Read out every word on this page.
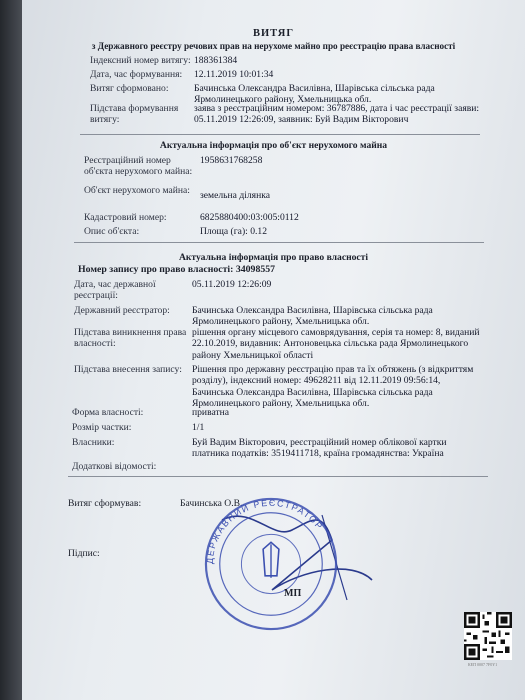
ВИТЯГ
з Державного реєстру речових прав на нерухоме майно про реєстрацію права власності
Індексний номер витягу: 188361384
Дата, час формування:	12.11.2019 10:01:34
Витяг сформовано:	Бачинська Олександра Василівна, Шарівська сільська рада Ярмолинецького району, Хмельницька обл.
Підстава формування витягу:
заява з реєстраційним номером: 36787886, дата і час реєстрації заяви: 05.11.2019 12:26:09, заявник: Буй Вадим Вікторович
Актуальна інформація про об'єкт нерухомого майна
Реєстраційний номер об'єкта нерухомого майна:
1958631768258
Об'єкт нерухомого майна:	земельна ділянка
Кадастровий номер:	6825880400:03:005:0112
Опис об'єкта:	Площа (га): 0.12
Актуальна інформація про право власності
Номер запису про право власності: 34098557
Дата, час державної реєстрації:
05.11.2019 12:26:09
Державний реєстратор:	Бачинська Олександра Василівна, Шарівська сільська рада Ярмолинецького району, Хмельницька обл.
Підстава виникнення права власності:
рішення органу місцевого самоврядування, серія та номер: 8, виданий 22.10.2019, видавник: Антоновецька сільська рада Ярмолинецького району Хмельницької області
Підстава внесення запису:	Рішення про державну реєстрацію прав та їх обтяжень (з відкриттям розділу), індексний номер: 49628211 від 12.11.2019 09:56:14, Бачинська Олександра Василівна, Шарівська сільська рада Ярмолинецького району, Хмельницька обл.
Форма власності:	приватна
Розмір частки:	1/1
Власники:	Буй Вадим Вікторович, реєстраційний номер облікової картки платника податків: 3519411718, країна громадянства: Україна
Додаткові відомості:
Витяг сформував:	Бачинська О.В.
Підпис:
ДЕРЖАВНИЙ РЕЄСТРАТОР
МП
КЕП 0007 7F0Y1
